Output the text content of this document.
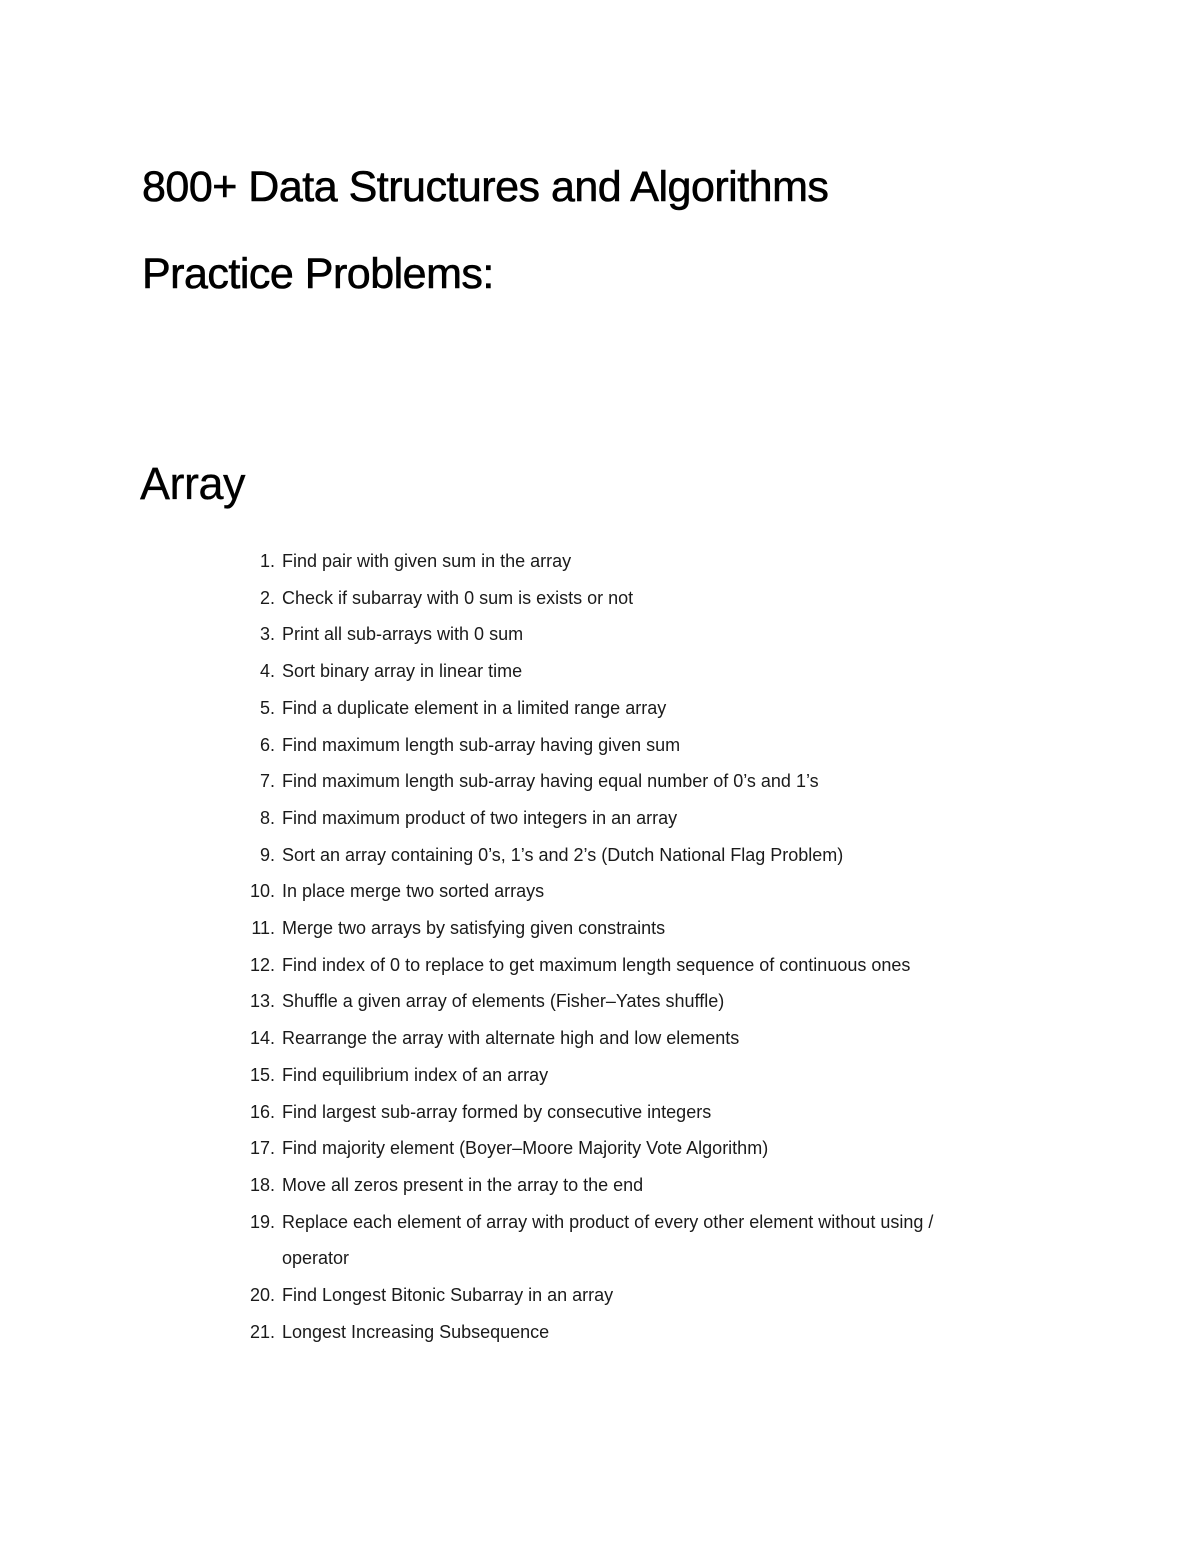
800+ Data Structures and Algorithms
Practice Problems:
Array
1. Find pair with given sum in the array
2. Check if subarray with 0 sum is exists or not
3. Print all sub-arrays with 0 sum
4. Sort binary array in linear time
5. Find a duplicate element in a limited range array
6. Find maximum length sub-array having given sum
7. Find maximum length sub-array having equal number of 0’s and 1’s
8. Find maximum product of two integers in an array
9. Sort an array containing 0’s, 1’s and 2’s (Dutch National Flag Problem)
10. In place merge two sorted arrays
11. Merge two arrays by satisfying given constraints
12. Find index of 0 to replace to get maximum length sequence of continuous ones
13. Shuffle a given array of elements (Fisher–Yates shuffle)
14. Rearrange the array with alternate high and low elements
15. Find equilibrium index of an array
16. Find largest sub-array formed by consecutive integers
17. Find majority element (Boyer–Moore Majority Vote Algorithm)
18. Move all zeros present in the array to the end
19. Replace each element of array with product of every other element without using / operator
20. Find Longest Bitonic Subarray in an array
21. Longest Increasing Subsequence
